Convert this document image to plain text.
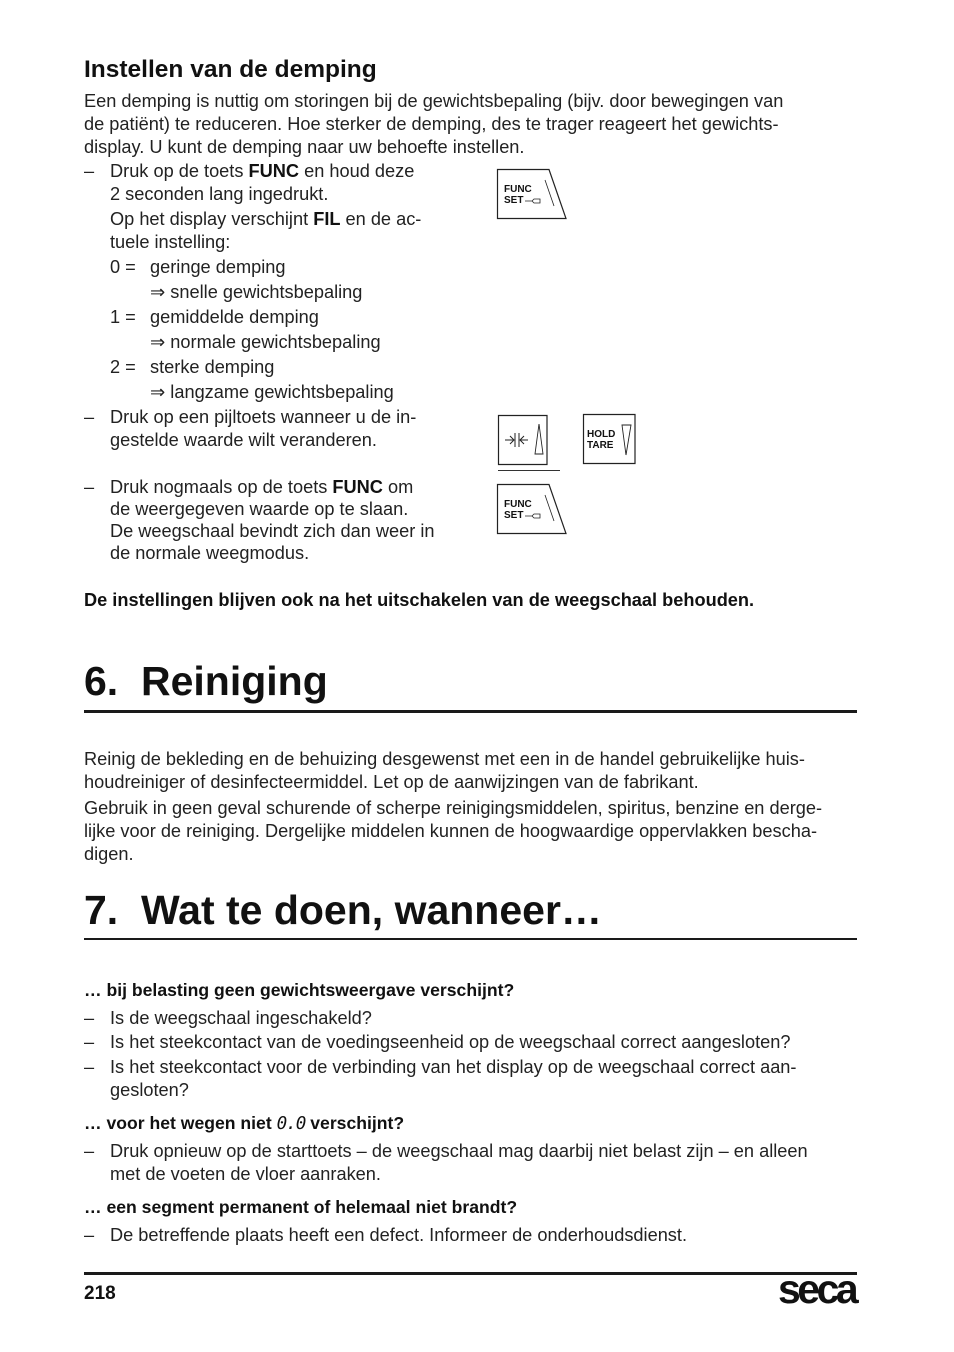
Instellen van de demping
Een demping is nuttig om storingen bij de gewichtsbepaling (bijv. door bewegingen van
de patiënt) te reduceren. Hoe sterker de demping, des te trager reageert het gewichts-
display. U kunt de demping naar uw behoefte instellen.
– Druk op de toets FUNC en houd deze
2 seconden lang ingedrukt.
Op het display verschijnt FIL en de ac-
tuele instelling:
0 = geringe demping
⇒ snelle gewichtsbepaling
1 = gemiddelde demping
⇒ normale gewichtsbepaling
2 = sterke demping
⇒ langzame gewichtsbepaling
– Druk op een pijltoets wanneer u de in-
gestelde waarde wilt veranderen.
– Druk nogmaals op de toets FUNC om
de weergegeven waarde op te slaan.
De weegschaal bevindt zich dan weer in
de normale weegmodus.
FUNC
SET
HOLD
TARE
FUNC
SET
De instellingen blijven ook na het uitschakelen van de weegschaal behouden.
6.  Reiniging
Reinig de bekleding en de behuizing desgewenst met een in de handel gebruikelijke huis-
houdreiniger of desinfecteermiddel. Let op de aanwijzingen van de fabrikant.
Gebruik in geen geval schurende of scherpe reinigingsmiddelen, spiritus, benzine en derge-
lijke voor de reiniging. Dergelijke middelen kunnen de hoogwaardige oppervlakken bescha-
digen.
7.  Wat te doen, wanneer…
… bij belasting geen gewichtsweergave verschijnt?
– Is de weegschaal ingeschakeld?
– Is het steekcontact van de voedingseenheid op de weegschaal correct aangesloten?
– Is het steekcontact voor de verbinding van het display op de weegschaal correct aan-
gesloten?
… voor het wegen niet 0.0 verschijnt?
– Druk opnieuw op de starttoets – de weegschaal mag daarbij niet belast zijn – en alleen
met de voeten de vloer aanraken.
… een segment permanent of helemaal niet brandt?
– De betreffende plaats heeft een defect. Informeer de onderhoudsdienst.
218	seca
